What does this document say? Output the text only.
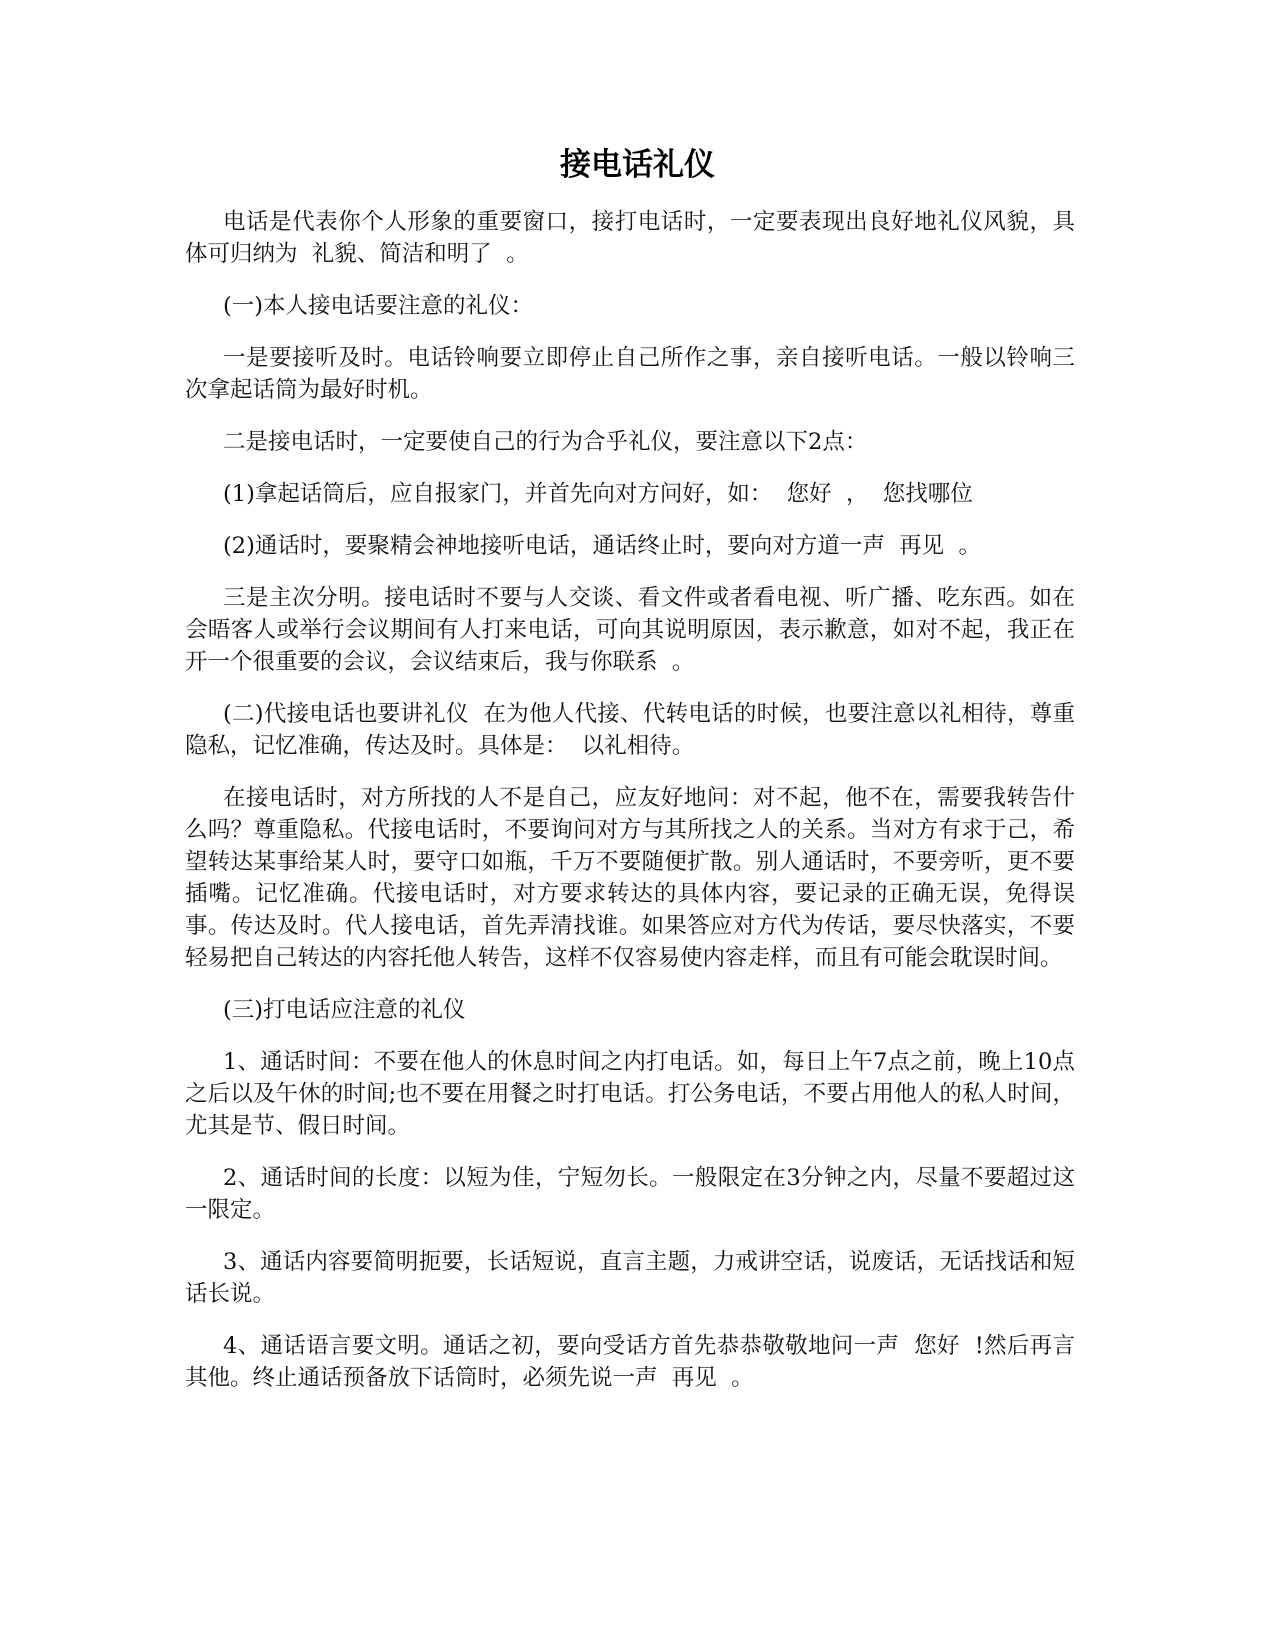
接电话礼仪

电话是代表你个人形象的重要窗口，接打电话时，一定要表现出良好地礼仪风貌，具体可归纳为  礼貌、简洁和明了  。

(一)本人接电话要注意的礼仪：

一是要接听及时。电话铃响要立即停止自己所作之事，亲自接听电话。一般以铃响三次拿起话筒为最好时机。

二是接电话时，一定要使自己的行为合乎礼仪，要注意以下2点：

(1)拿起话筒后，应自报家门，并首先向对方问好，如：  您好  ，  您找哪位

(2)通话时，要聚精会神地接听电话，通话终止时，要向对方道一声  再见  。

三是主次分明。接电话时不要与人交谈、看文件或者看电视、听广播、吃东西。如在会晤客人或举行会议期间有人打来电话，可向其说明原因，表示歉意，如对不起，我正在开一个很重要的会议，会议结束后，我与你联系  。

(二)代接电话也要讲礼仪  在为他人代接、代转电话的时候，也要注意以礼相待，尊重隐私，记忆准确，传达及时。具体是：  以礼相待。

在接电话时，对方所找的人不是自己，应友好地问：对不起，他不在，需要我转告什么吗？尊重隐私。代接电话时，不要询问对方与其所找之人的关系。当对方有求于己，希望转达某事给某人时，要守口如瓶，千万不要随便扩散。别人通话时，不要旁听，更不要插嘴。记忆准确。代接电话时，对方要求转达的具体内容，要记录的正确无误，免得误事。传达及时。代人接电话，首先弄清找谁。如果答应对方代为传话，要尽快落实，不要轻易把自己转达的内容托他人转告，这样不仅容易使内容走样，而且有可能会耽误时间。

(三)打电话应注意的礼仪

1、通话时间：不要在他人的休息时间之内打电话。如，每日上午7点之前，晚上10点之后以及午休的时间;也不要在用餐之时打电话。打公务电话，不要占用他人的私人时间，尤其是节、假日时间。

2、通话时间的长度：以短为佳，宁短勿长。一般限定在3分钟之内，尽量不要超过这一限定。

3、通话内容要简明扼要，长话短说，直言主题，力戒讲空话，说废话，无话找话和短话长说。

4、通话语言要文明。通话之初，要向受话方首先恭恭敬敬地问一声  您好  !然后再言其他。终止通话预备放下话筒时，必须先说一声  再见  。
